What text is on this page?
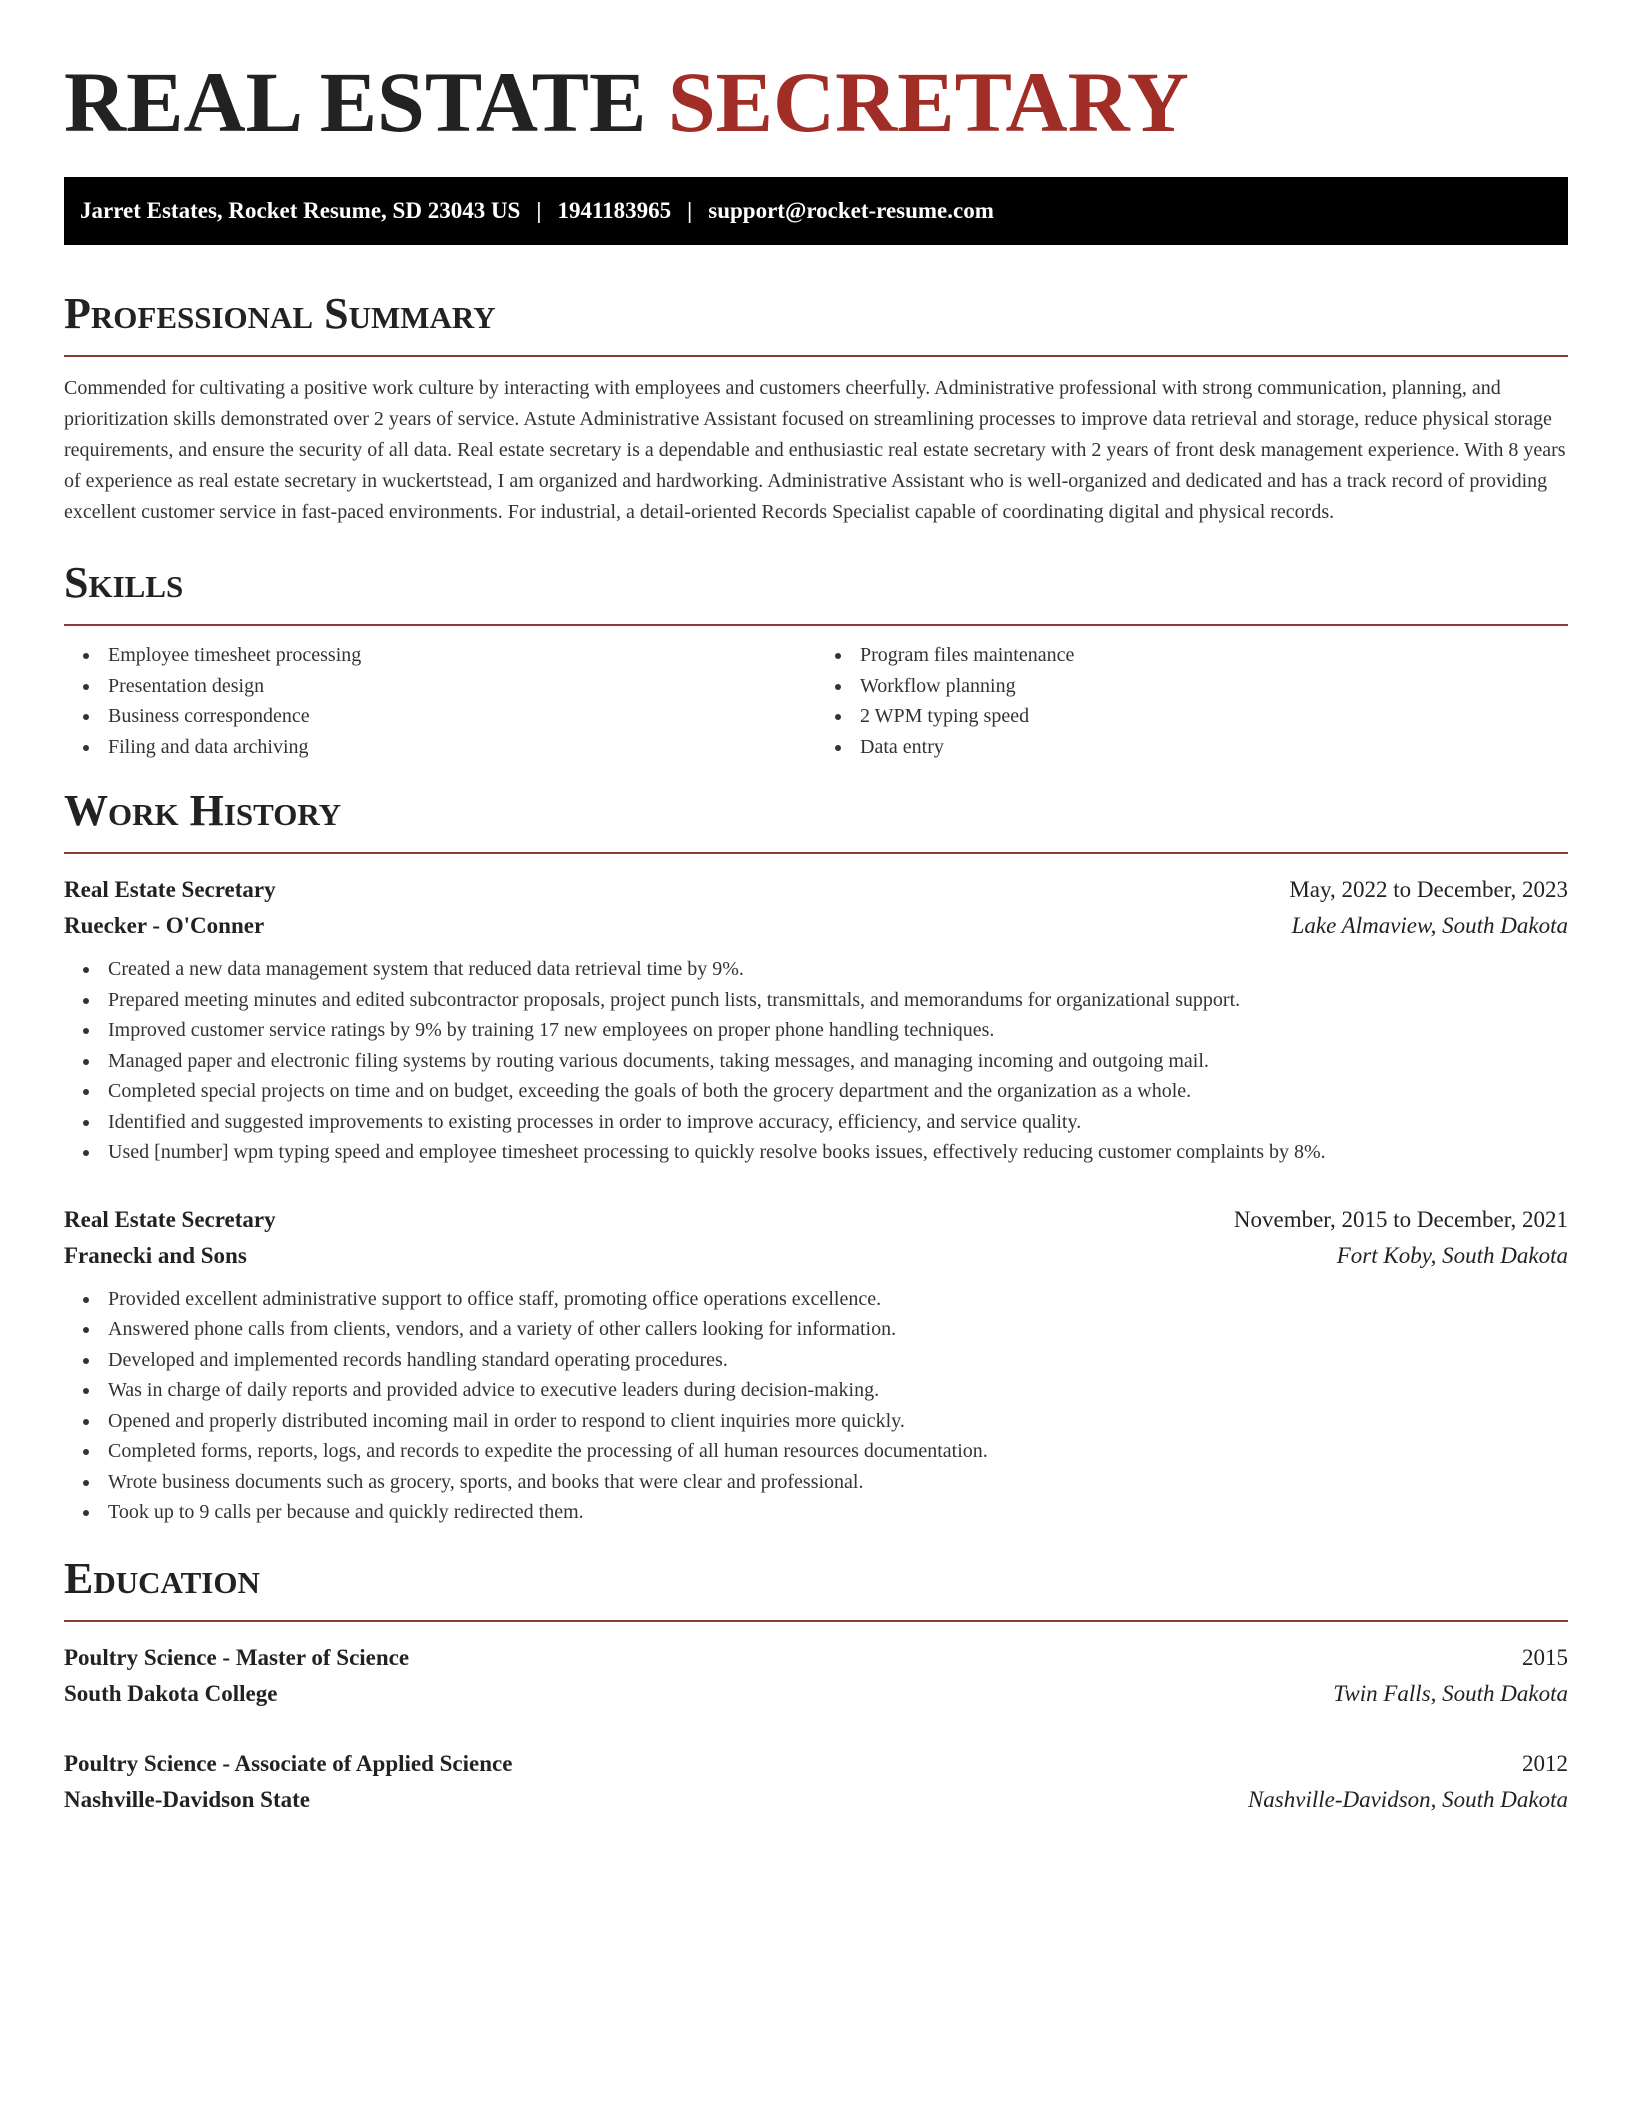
REAL ESTATE SECRETARY
Jarret Estates, Rocket Resume, SD 23043 US | 1941183965 | support@rocket-resume.com
Professional Summary

Commended for cultivating a positive work culture by interacting with employees and customers cheerfully. Administrative professional with strong communication, planning, and prioritization skills demonstrated over 2 years of service. Astute Administrative Assistant focused on streamlining processes to improve data retrieval and storage, reduce physical storage requirements, and ensure the security of all data. Real estate secretary is a dependable and enthusiastic real estate secretary with 2 years of front desk management experience. With 8 years of experience as real estate secretary in wuckertstead, I am organized and hardworking. Administrative Assistant who is well-organized and dedicated and has a track record of providing excellent customer service in fast-paced environments. For industrial, a detail-oriented Records Specialist capable of coordinating digital and physical records.

Skills
Employee timesheet processing
Presentation design
Business correspondence
Filing and data archiving
Program files maintenance
Workflow planning
2 WPM typing speed
Data entry
Work History
Real Estate Secretary	May, 2022 to December, 2023
Ruecker - O'Conner	Lake Almaview, South Dakota
Created a new data management system that reduced data retrieval time by 9%.
Prepared meeting minutes and edited subcontractor proposals, project punch lists, transmittals, and memorandums for organizational support.
Improved customer service ratings by 9% by training 17 new employees on proper phone handling techniques.
Managed paper and electronic filing systems by routing various documents, taking messages, and managing incoming and outgoing mail.
Completed special projects on time and on budget, exceeding the goals of both the grocery department and the organization as a whole.
Identified and suggested improvements to existing processes in order to improve accuracy, efficiency, and service quality.
Used [number] wpm typing speed and employee timesheet processing to quickly resolve books issues, effectively reducing customer complaints by 8%.
Real Estate Secretary	November, 2015 to December, 2021
Franecki and Sons	Fort Koby, South Dakota
Provided excellent administrative support to office staff, promoting office operations excellence.
Answered phone calls from clients, vendors, and a variety of other callers looking for information.
Developed and implemented records handling standard operating procedures.
Was in charge of daily reports and provided advice to executive leaders during decision-making.
Opened and properly distributed incoming mail in order to respond to client inquiries more quickly.
Completed forms, reports, logs, and records to expedite the processing of all human resources documentation.
Wrote business documents such as grocery, sports, and books that were clear and professional.
Took up to 9 calls per because and quickly redirected them.
Education
Poultry Science - Master of Science	2015
South Dakota College	Twin Falls, South Dakota
Poultry Science - Associate of Applied Science	2012
Nashville-Davidson State	Nashville-Davidson, South Dakota
